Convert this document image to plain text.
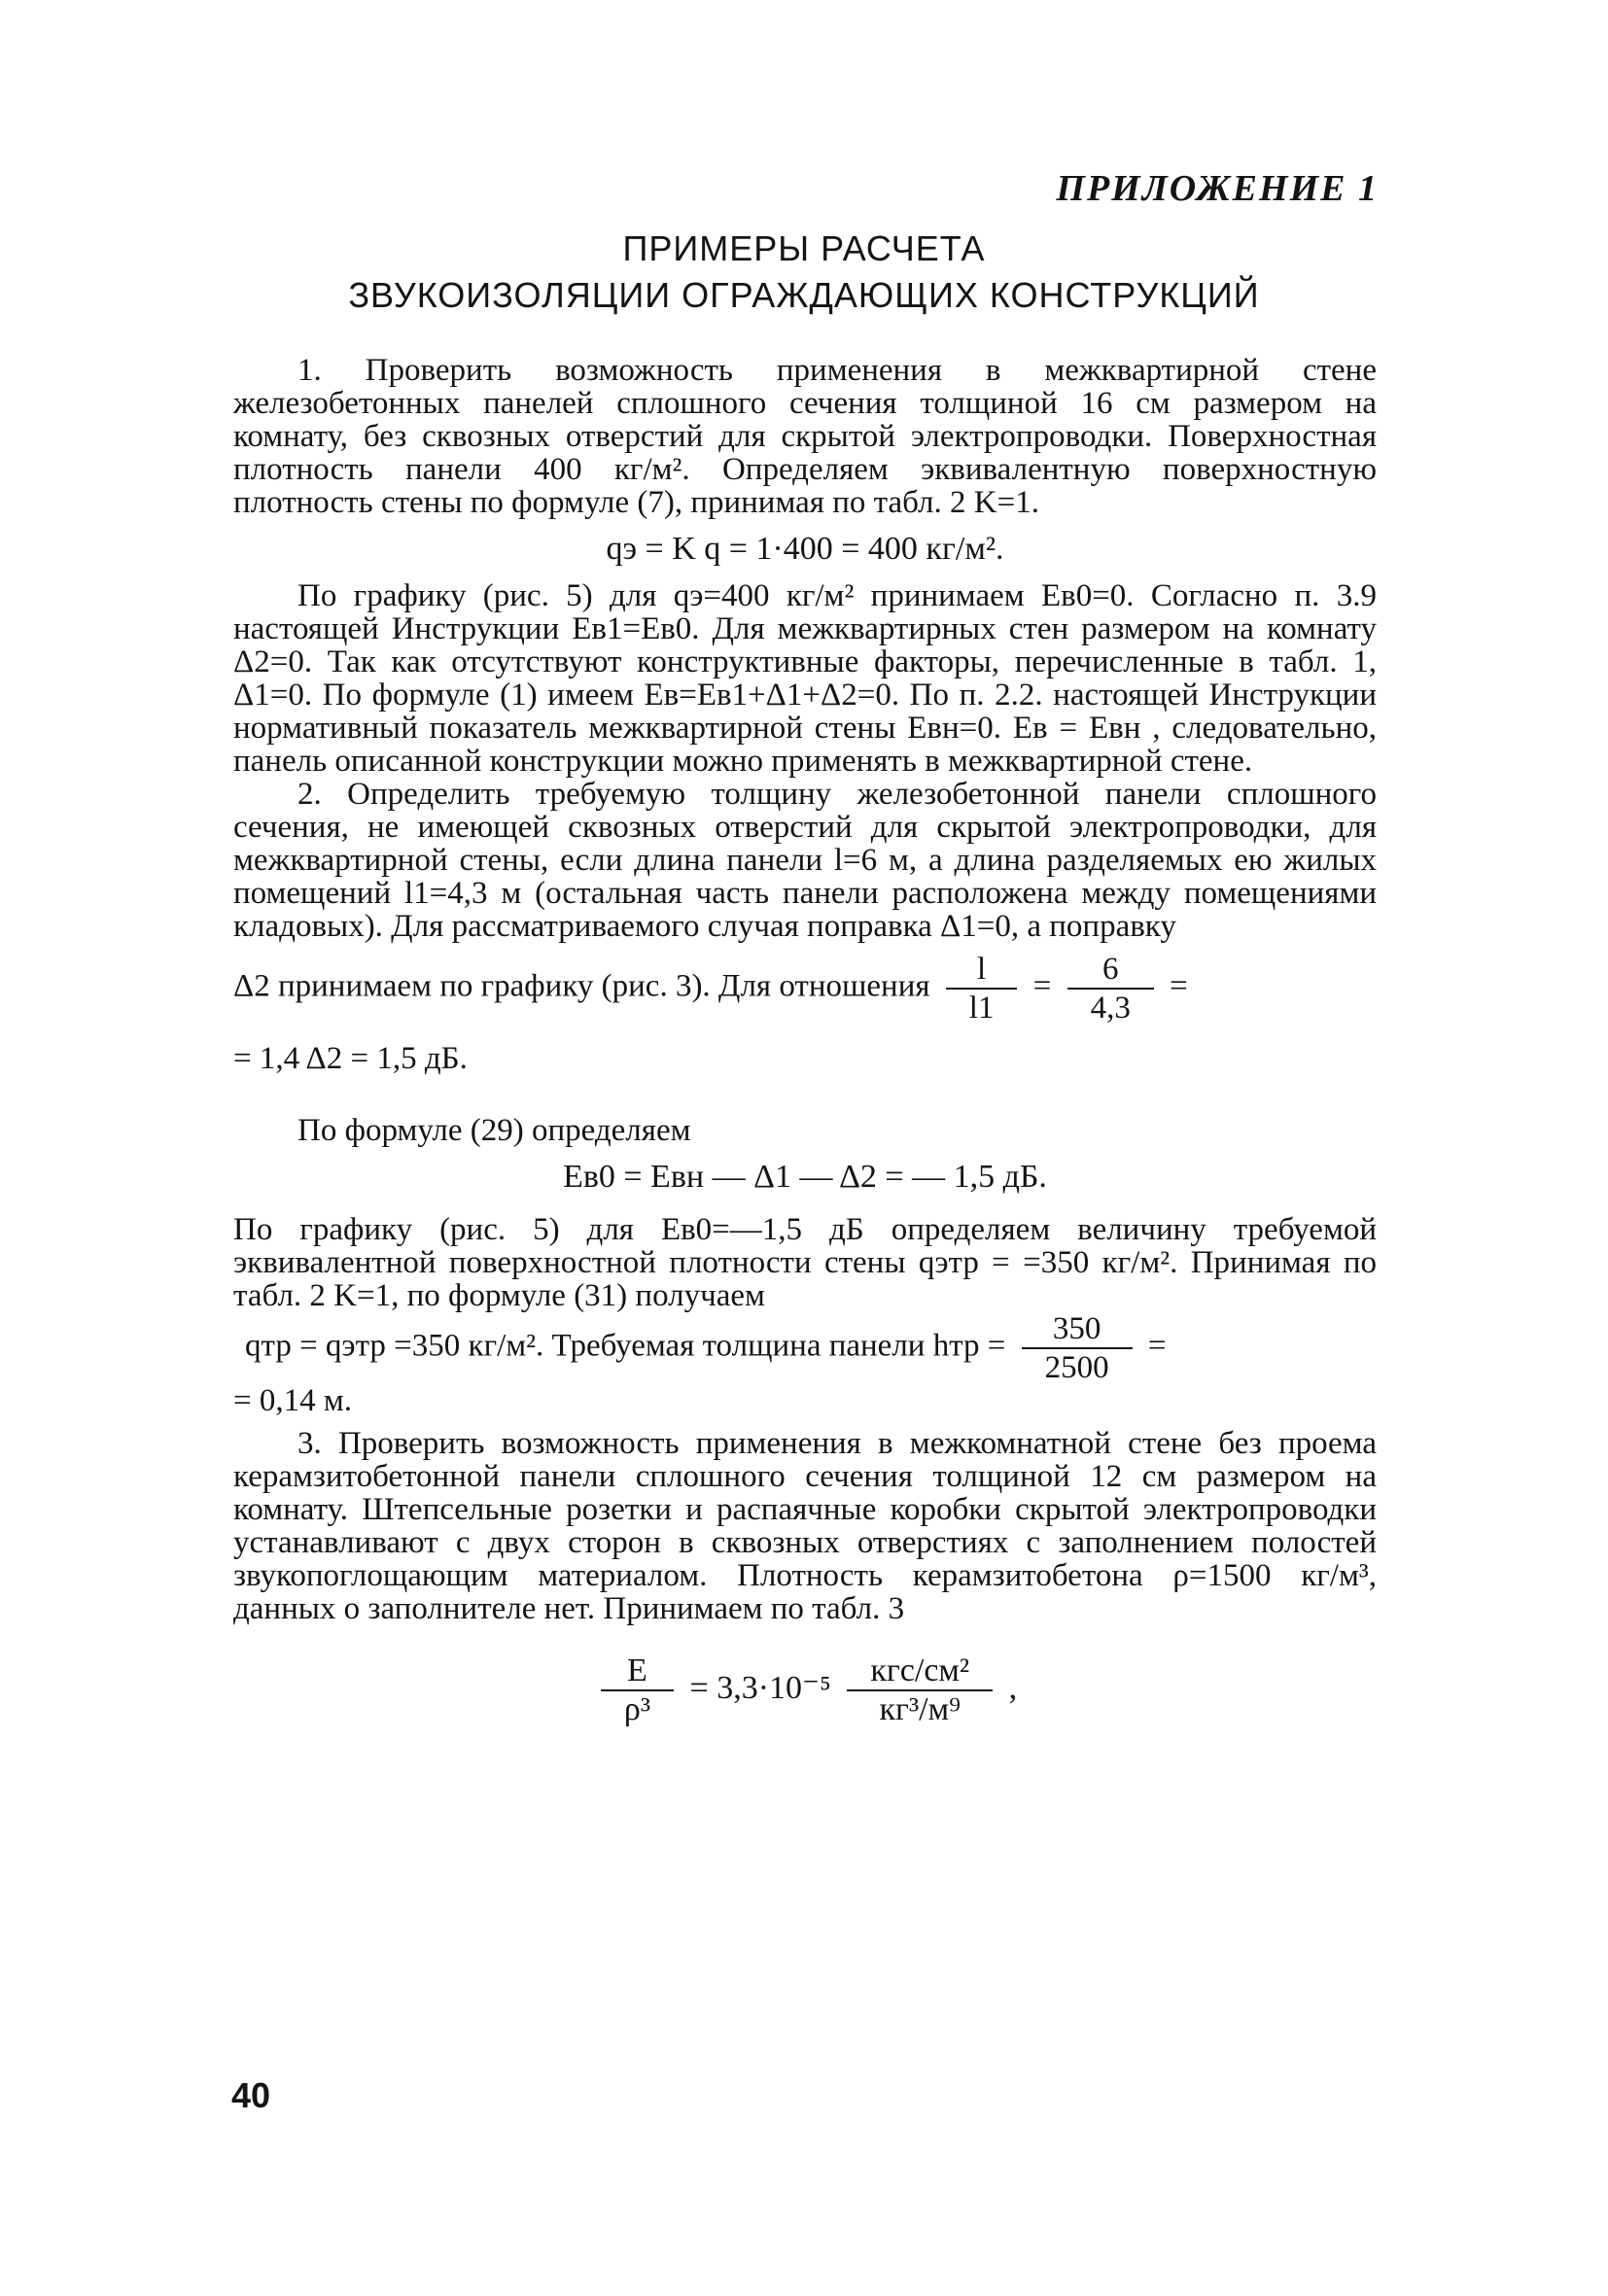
ПРИЛОЖЕНИЕ 1
ПРИМЕРЫ РАСЧЕТА
ЗВУКОИЗОЛЯЦИИ ОГРАЖДАЮЩИХ КОНСТРУКЦИЙ

1. Проверить возможность применения в межквартирной стене железобетонных панелей сплошного сечения толщиной 16 см размером на комнату, без сквозных отверстий для скрытой электропроводки. Поверхностная плотность панели 400 кг/м². Определяем эквивалентную поверхностную плотность стены по формуле (7), принимая по табл. 2 K=1.

qэ = K q = 1·400 = 400 кг/м².

По графику (рис. 5) для qэ=400 кг/м² принимаем Eв0=0. Согласно п. 3.9 настоящей Инструкции Eв1=Eв0. Для межквартирных стен размером на комнату Δ2=0. Так как отсутствуют конструктивные факторы, перечисленные в табл. 1, Δ1=0. По формуле (1) имеем Eв=Eв1+Δ1+Δ2=0. По п. 2.2. настоящей Инструкции нормативный показатель межквартирной стены Eвн=0. Eв = Eвн , следовательно, панель описанной конструкции можно применять в межквартирной стене.

2. Определить требуемую толщину железобетонной панели сплошного сечения, не имеющей сквозных отверстий для скрытой электропроводки, для межквартирной стены, если длина панели l=6 м, а длина разделяемых ею жилых помещений l1=4,3 м (остальная часть панели расположена между помещениями кладовых). Для рассматриваемого случая поправка Δ1=0, а поправку

Δ2 принимаем по графику (рис. 3). Для отношения $\frac{l}{l1} = \frac{6}{4,3}$ =
= 1,4 Δ2 = 1,5 дБ.

По формуле (29) определяем

Eв0 = Eвн — Δ1 — Δ2 = — 1,5 дБ.

По графику (рис. 5) для Eв0=—1,5 дБ определяем величину требуемой эквивалентной поверхностной плотности стены qэтр = =350 кг/м². Принимая по табл. 2 K=1, по формуле (31) получаем

qтр = qэтр =350 кг/м². Требуемая толщина панели hтр = $\frac{350}{2500}$ =
= 0,14 м.

3. Проверить возможность применения в межкомнатной стене без проема керамзитобетонной панели сплошного сечения толщиной 12 см размером на комнату. Штепсельные розетки и распаячные коробки скрытой электропроводки устанавливают с двух сторон в сквозных отверстиях с заполнением полостей звукопоглощающим материалом. Плотность керамзитобетона ρ=1500 кг/м³, данных о заполнителе нет. Принимаем по табл. 3

$\frac{E}{\text{ρ³}} = 3,3\cdot 10^{-5} \frac{\text{кгс/см²}}{\text{кг³/м⁹}}$ ,
40
